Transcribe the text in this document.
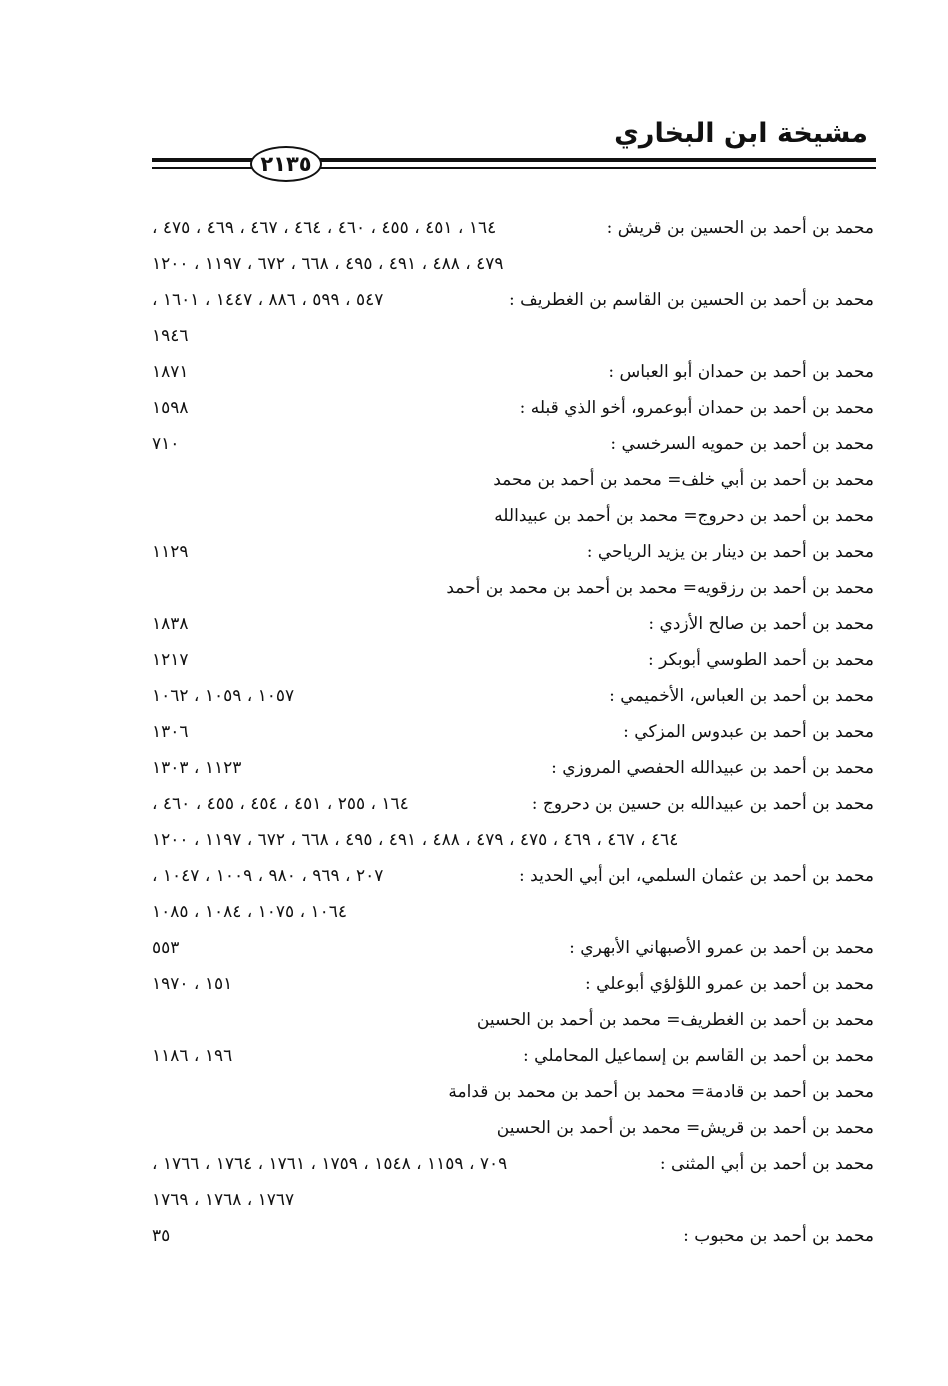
مشيخة ابن البخاري
٢١٣٥
محمد بن أحمد بن الحسين بن قريش :
١٦٤ ، ٤٥١ ، ٤٥٥ ، ٤٦٠ ، ٤٦٤ ، ٤٦٧ ، ٤٦٩ ، ٤٧٥ ،
٤٧٩ ، ٤٨٨ ، ٤٩١ ، ٤٩٥ ، ٦٦٨ ، ٦٧٢ ، ١١٩٧ ، ١٢٠٠
محمد بن أحمد بن الحسين بن القاسم بن الغطريف :
٥٤٧ ، ٥٩٩ ، ٨٨٦ ، ١٤٤٧ ، ١٦٠١ ،
١٩٤٦
محمد بن أحمد بن حمدان أبو العباس :
١٨٧١
محمد بن أحمد بن حمدان أبوعمرو، أخو الذي قبله :
١٥٩٨
محمد بن أحمد بن حمويه السرخسي :
٧١٠
محمد بن أحمد بن أبي خلف= محمد بن أحمد بن محمد
محمد بن أحمد بن دحروج= محمد بن أحمد بن عبيدالله
محمد بن أحمد بن دينار بن يزيد الرياحي :
١١٢٩
محمد بن أحمد بن رزقويه= محمد بن أحمد بن محمد بن أحمد
محمد بن أحمد بن صالح الأزدي :
١٨٣٨
محمد بن أحمد الطوسي أبوبكر :
١٢١٧
محمد بن أحمد بن العباس، الأخميمي :
١٠٥٧ ، ١٠٥٩ ، ١٠٦٢
محمد بن أحمد بن عبدوس المزكي :
١٣٠٦
محمد بن أحمد بن عبيدالله الحفصي المروزي :
١١٢٣ ، ١٣٠٣
محمد بن أحمد بن عبيدالله بن حسين بن دحروج :
١٦٤ ، ٢٥٥ ، ٤٥١ ، ٤٥٤ ، ٤٥٥ ، ٤٦٠ ،
٤٦٤ ، ٤٦٧ ، ٤٦٩ ، ٤٧٥ ، ٤٧٩ ، ٤٨٨ ، ٤٩١ ، ٤٩٥ ، ٦٦٨ ، ٦٧٢ ، ١١٩٧ ، ١٢٠٠
محمد بن أحمد بن عثمان السلمي، ابن أبي الحديد :
٢٠٧ ، ٩٦٩ ، ٩٨٠ ، ١٠٠٩ ، ١٠٤٧ ،
١٠٦٤ ، ١٠٧٥ ، ١٠٨٤ ، ١٠٨٥
محمد بن أحمد بن عمرو الأصبهاني الأبهري :
٥٥٣
محمد بن أحمد بن عمرو اللؤلؤي أبوعلي :
١٥١ ، ١٩٧٠
محمد بن أحمد بن الغطريف= محمد بن أحمد بن الحسين
محمد بن أحمد بن القاسم بن إسماعيل المحاملي :
١٩٦ ، ١١٨٦
محمد بن أحمد بن قادمة= محمد بن أحمد بن محمد بن قدامة
محمد بن أحمد بن قريش= محمد بن أحمد بن الحسين
محمد بن أحمد بن أبي المثنى :
٧٠٩ ، ١١٥٩ ، ١٥٤٨ ، ١٧٥٩ ، ١٧٦١ ، ١٧٦٤ ، ١٧٦٦ ،
١٧٦٧ ، ١٧٦٨ ، ١٧٦٩
محمد بن أحمد بن محبوب :
٣٥
